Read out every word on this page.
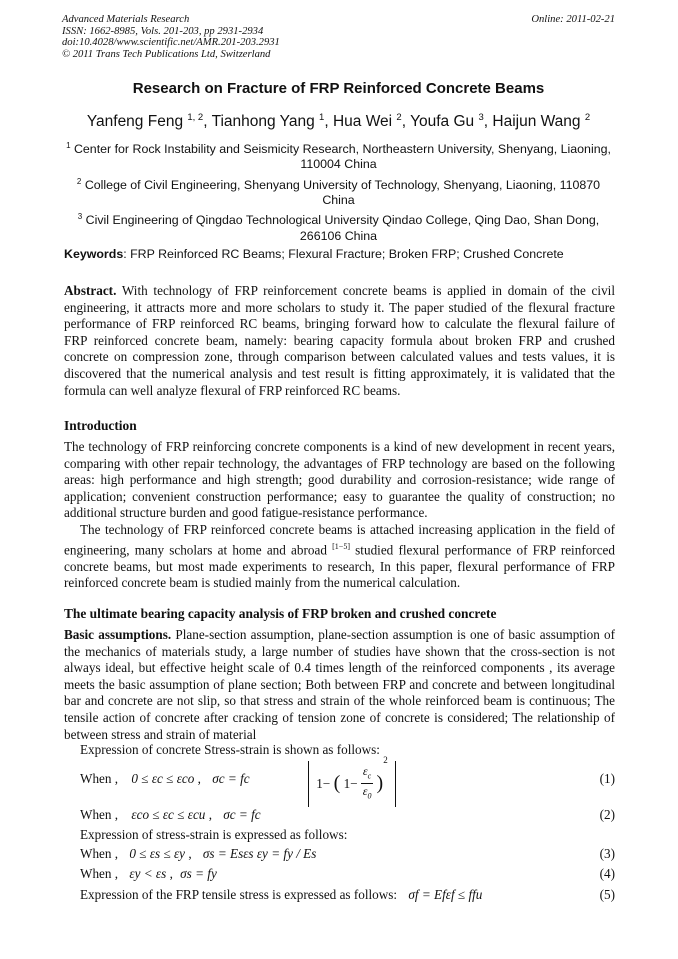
Advanced Materials Research
ISSN: 1662-8985, Vols. 201-203, pp 2931-2934
doi:10.4028/www.scientific.net/AMR.201-203.2931
© 2011 Trans Tech Publications Ltd, Switzerland
Online: 2011-02-21
Research on Fracture of FRP Reinforced Concrete Beams
Yanfeng Feng $^{1, 2}$, Tianhong Yang $^1$, Hua Wei $^2$, Youfa Gu $^3$, Haijun Wang $^2$
$^1$ Center for Rock Instability and Seismicity Research, Northeastern University, Shenyang, Liaoning, 110004 China
$^2$ College of Civil Engineering, Shenyang University of Technology, Shenyang, Liaoning, 110870 China
$^3$ Civil Engineering of Qingdao Technological University Qindao College, Qing Dao, Shan Dong, 266106 China
Keywords: FRP Reinforced RC Beams; Flexural Fracture; Broken FRP; Crushed Concrete
Abstract. With technology of FRP reinforcement concrete beams is applied in domain of the civil engineering, it attracts more and more scholars to study it. The paper studied of the flexural fracture performance of FRP reinforced RC beams, bringing forward how to calculate the flexural failure of FRP reinforced concrete beam, namely: bearing capacity formula about broken FRP and crushed concrete on compression zone, through comparison between calculated values and tests values, it is discovered that the numerical analysis and test result is fitting approximately, it is validated that the formula can well analyze flexural of FRP reinforced RC beams.
Introduction
The technology of FRP reinforcing concrete components is a kind of new development in recent years, comparing with other repair technology, the advantages of FRP technology are based on the following areas: high performance and high strength; good durability and corrosion-resistance; wide range of application; convenient construction performance; easy to guarantee the quality of construction; no additional structure burden and good fatigue-resistance performance.
The technology of FRP reinforced concrete beams is attached increasing application in the field of engineering, many scholars at home and abroad [1−5] studied flexural performance of FRP reinforced concrete beams, but most made experiments to research, In this paper, flexural performance of FRP reinforced concrete beam is studied mainly from the numerical calculation.
The ultimate bearing capacity analysis of FRP broken and crushed concrete
Basic assumptions. Plane-section assumption, plane-section assumption is one of basic assumption of the mechanics of materials study, a large number of studies have shown that the cross-section is not always ideal, but effective height scale of 0.4 times length of the reinforced components , its average meets the basic assumption of plane section; Both between FRP and concrete and between longitudinal bar and concrete are not slip, so that stress and strain of the whole reinforced beam is continuous; The tensile action of concrete after cracking of tension zone of concrete is considered; The relationship of between stress and strain of material
Expression of concrete Stress-strain is shown as follows:
When , 0 ≤ εc ≤ εco , σc = fc	1− ( $1- \frac{\varepsilon_c}{\varepsilon_0} )^2$
(1)
When , εco ≤ εc ≤ εcu , σc = fc	(2)
Expression of stress-strain is expressed as follows:
When , 0 ≤ εs ≤ εy , σs = Esεs εy = fy / Es	(3)
When , εy < εs , σs = fy	(4)
Expression of the FRP tensile stress is expressed as follows: σf = Efεf ≤ ffu	(5)
